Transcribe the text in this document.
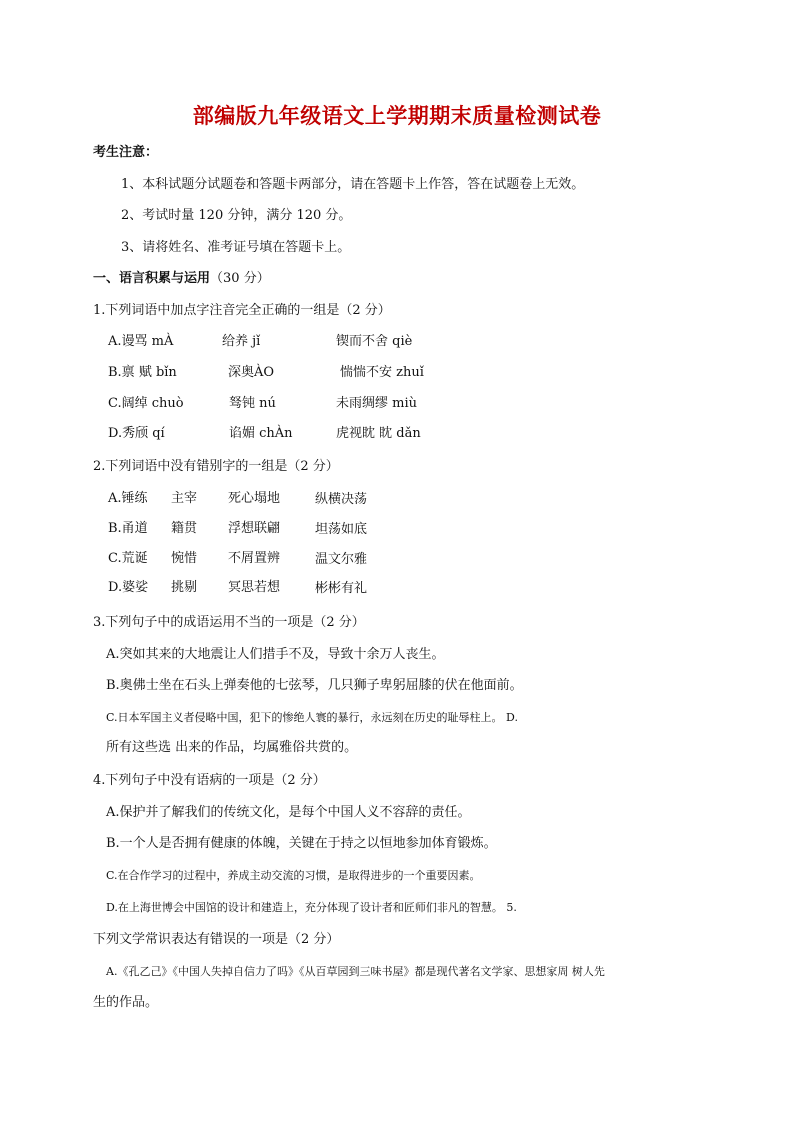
部编版九年级语文上学期期末质量检测试卷
考生注意：
1、本科试题分试题卷和答题卡两部分，请在答题卡上作答，答在试题卷上无效。
2、考试时量 120 分钟，满分 120 分。
3、请将姓名、准考证号填在答题卡上。
一、语言积累与运用（30 分）
1.下列词语中加点字注音完全正确的一组是（2 分）
A.谩骂 mÀ	给养 jǐ	锲而不舍 qiè
B.禀 赋 bǐn	深奥ÀO	惴惴不安 zhuǐ
C.阔绰 chuò	驽钝 nú	未雨绸缪 miù
D.秀颀 qí	谄媚 chÀn	虎视眈 眈 dǎn
2.下列词语中没有错别字的一组是（2 分）
A.锤练 主宰 死心塌地	纵横决荡
B.甬道 籍贯 浮想联翩	坦荡如底
C.荒诞 惋惜 不屑置辨	温文尔雅
D.婆娑 挑剔 冥思若想	彬彬有礼
3.下列句子中的成语运用不当的一项是（2 分）
A.突如其来的大地震让人们措手不及，导致十余万人丧生。
B.奥佛士坐在石头上弹奏他的七弦琴，几只狮子卑躬屈膝的伏在他面前。
C.日本军国主义者侵略中国，犯下的惨绝人寰的暴行，永远刻在历史的耻辱柱上。 D.
所有这些选 出来的作品，均属雅俗共赏的。
4.下列句子中没有语病的一项是（2 分）
A.保护并了解我们的传统文化，是每个中国人义不容辞的责任。
B.一个人是否拥有健康的体魄，关键在于持之以恒地参加体育锻炼。
C.在合作学习的过程中，养成主动交流的习惯，是取得进步的一个重要因素。
D.在上海世博会中国馆的设计和建造上，充分体现了设计者和匠师们非凡的智慧。 5.
下列文学常识表达有错误的一项是（2 分）
A.《孔乙己》《中国人失掉自信力了吗》《从百草园到三味书屋》都是现代著名文学家、思想家周 树人先
生的作品。
